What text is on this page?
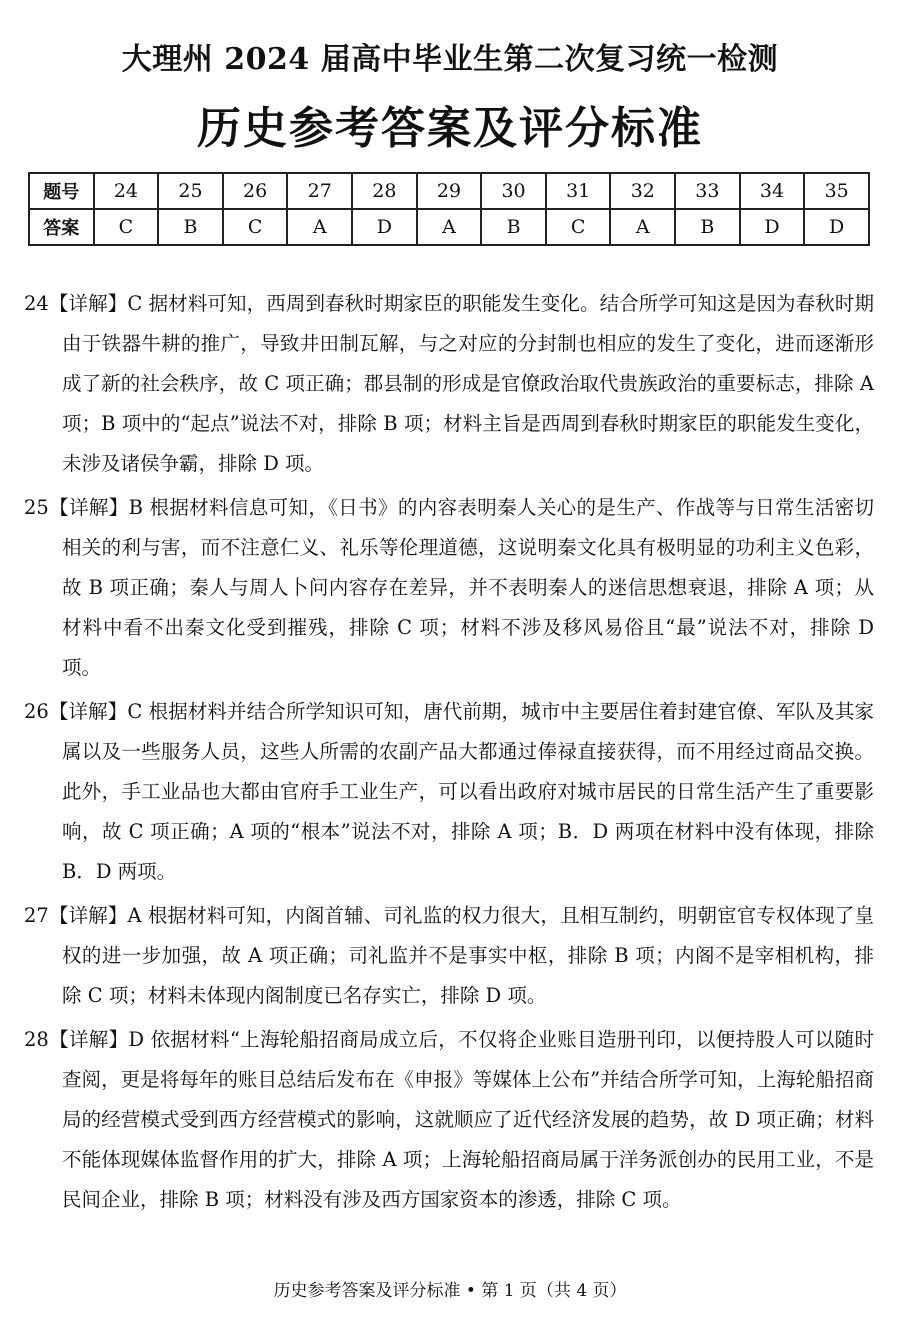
大理州 2024 届高中毕业生第二次复习统一检测
历史参考答案及评分标准
题号	24	25	26	27	28	29	30	31	32	33	34	35
答案	C	B	C	A	D	A	B	C	A	B	D	D

24【详解】C 据材料可知，西周到春秋时期家臣的职能发生变化。结合所学可知这是因为春秋时期由于铁器牛耕的推广，导致井田制瓦解，与之对应的分封制也相应的发生了变化，进而逐渐形成了新的社会秩序，故 C 项正确；郡县制的形成是官僚政治取代贵族政治的重要标志，排除 A 项；B 项中的“起点”说法不对，排除 B 项；材料主旨是西周到春秋时期家臣的职能发生变化，未涉及诸侯争霸，排除 D 项。

25【详解】B 根据材料信息可知，《日书》的内容表明秦人关心的是生产、作战等与日常生活密切相关的利与害，而不注意仁义、礼乐等伦理道德，这说明秦文化具有极明显的功利主义色彩，故 B 项正确；秦人与周人卜问内容存在差异，并不表明秦人的迷信思想衰退，排除 A 项；从材料中看不出秦文化受到摧残，排除 C 项；材料不涉及移风易俗且“最”说法不对，排除 D 项。

26【详解】C 根据材料并结合所学知识可知，唐代前期，城市中主要居住着封建官僚、军队及其家属以及一些服务人员，这些人所需的农副产品大都通过俸禄直接获得，而不用经过商品交换。此外，手工业品也大都由官府手工业生产，可以看出政府对城市居民的日常生活产生了重要影响，故 C 项正确；A 项的“根本”说法不对，排除 A 项；B．D 两项在材料中没有体现，排除 B．D 两项。

27【详解】A 根据材料可知，内阁首辅、司礼监的权力很大，且相互制约，明朝宦官专权体现了皇权的进一步加强，故 A 项正确；司礼监并不是事实中枢，排除 B 项；内阁不是宰相机构，排除 C 项；材料未体现内阁制度已名存实亡，排除 D 项。

28【详解】D 依据材料“上海轮船招商局成立后，不仅将企业账目造册刊印，以便持股人可以随时查阅，更是将每年的账目总结后发布在《申报》等媒体上公布”并结合所学可知，上海轮船招商局的经营模式受到西方经营模式的影响，这就顺应了近代经济发展的趋势，故 D 项正确；材料不能体现媒体监督作用的扩大，排除 A 项；上海轮船招商局属于洋务派创办的民用工业，不是民间企业，排除 B 项；材料没有涉及西方国家资本的渗透，排除 C 项。

历史参考答案及评分标准 • 第 1 页（共 4 页）
